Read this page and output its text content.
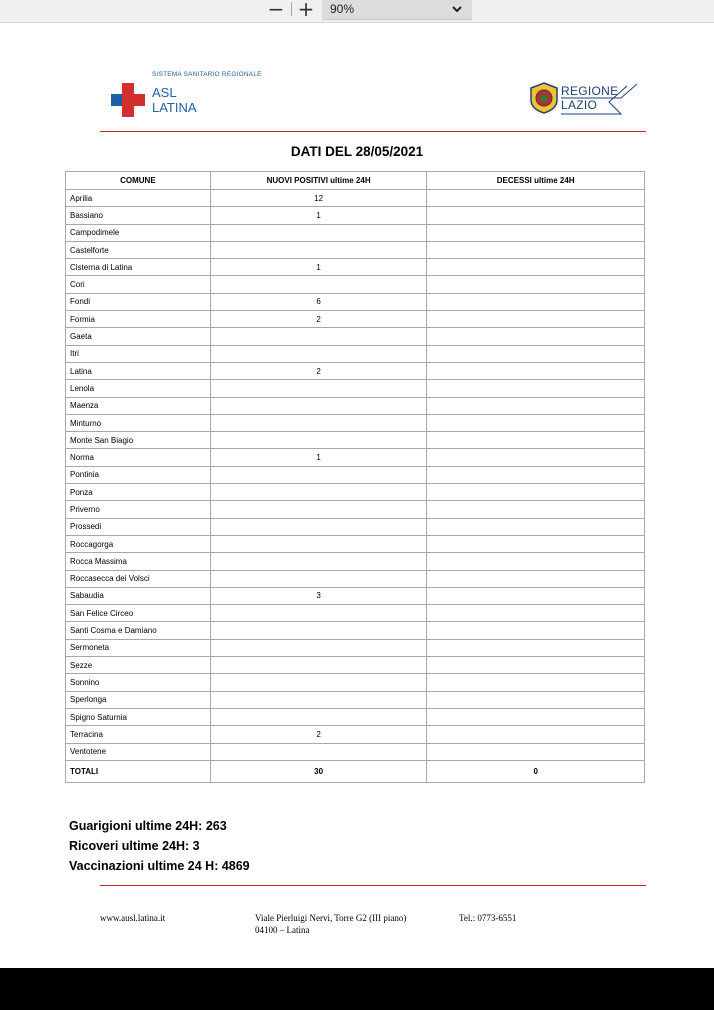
− + 90%
SISTEMA SANITARIO REGIONALE
ASL
LATINA
REGIONE
LAZIO
DATI DEL 28/05/2021
COMUNE	NUOVI POSITIVI ultime 24H	DECESSI ultime 24H
Aprilia	12	
Bassiano	1	
Campodimele		
Castelforte		
Cisterna di Latina	1	
Cori		
Fondi	6	
Formia	2	
Gaeta		
Itri		
Latina	2	
Lenola		
Maenza		
Minturno		
Monte San Biagio		
Norma	1	
Pontinia		
Ponza		
Priverno		
Prossedi		
Roccagorga		
Rocca Massima		
Roccasecca dei Volsci		
Sabaudia	3	
San Felice Circeo		
Santi Cosma e Damiano		
Sermoneta		
Sezze		
Sonnino		
Sperlonga		
Spigno Saturnia		
Terracina	2	
Ventotene		
TOTALI	30	0
Guarigioni ultime 24H: 263
Ricoveri ultime 24H: 3
Vaccinazioni ultime 24 H: 4869
www.ausl.latina.it	Viale Pierluigi Nervi, Torre G2 (III piano)
04100 – Latina
Tel.: 0773-6551
